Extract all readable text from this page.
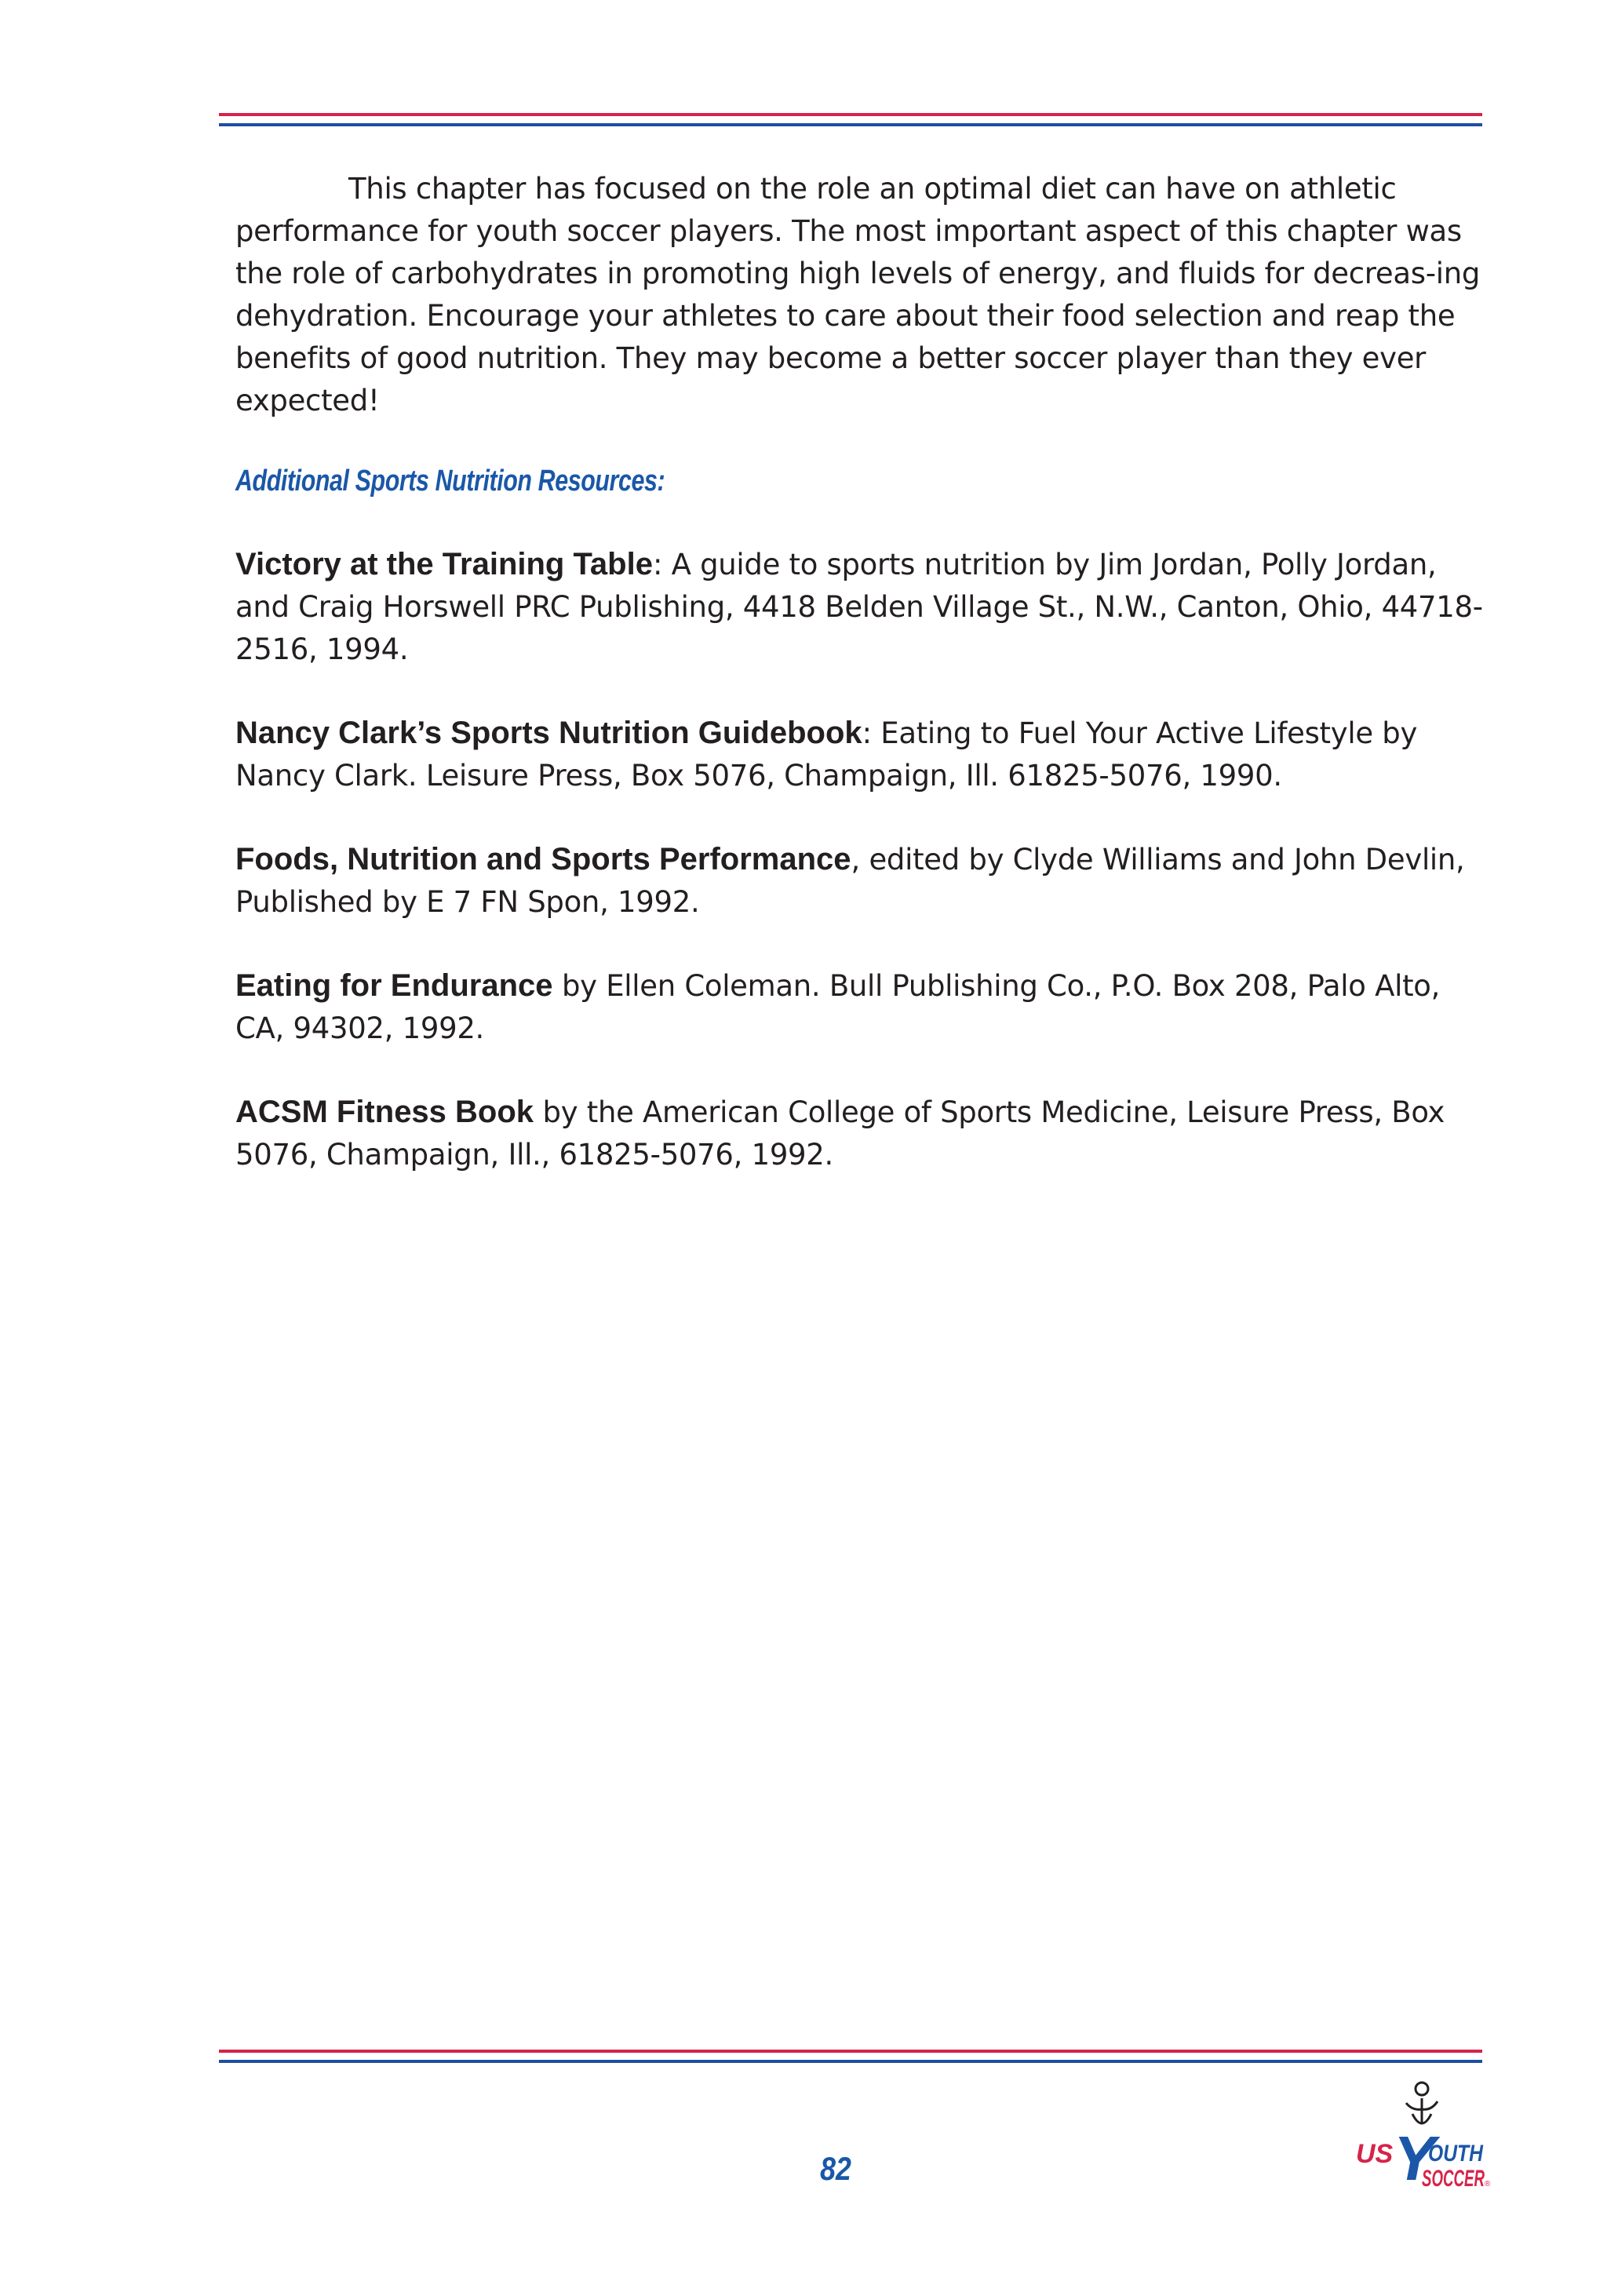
This chapter has focused on the role an optimal diet can have on athletic performance for youth soccer players. The most important aspect of this chapter was the role of carbohydrates in promoting high levels of energy, and fluids for decreas-ing dehydration. Encourage your athletes to care about their food selection and reap the benefits of good nutrition. They may become a better soccer player than they ever expected!

Additional Sports Nutrition Resources:

Victory at the Training Table: A guide to sports nutrition by Jim Jordan, Polly Jordan, and Craig Horswell PRC Publishing, 4418 Belden Village St., N.W., Canton, Ohio, 44718-2516, 1994.

Nancy Clark’s Sports Nutrition Guidebook: Eating to Fuel Your Active Lifestyle by Nancy Clark. Leisure Press, Box 5076, Champaign, Ill. 61825-5076, 1990.

Foods, Nutrition and Sports Performance, edited by Clyde Williams and John Devlin, Published by E 7 FN Spon, 1992.

Eating for Endurance by Ellen Coleman. Bull Publishing Co., P.O. Box 208, Palo Alto, CA, 94302, 1992.

ACSM Fitness Book by the American College of Sports Medicine, Leisure Press, Box 5076, Champaign, Ill., 61825-5076, 1992.

82	US Y
OUTH
SOCCER ®
